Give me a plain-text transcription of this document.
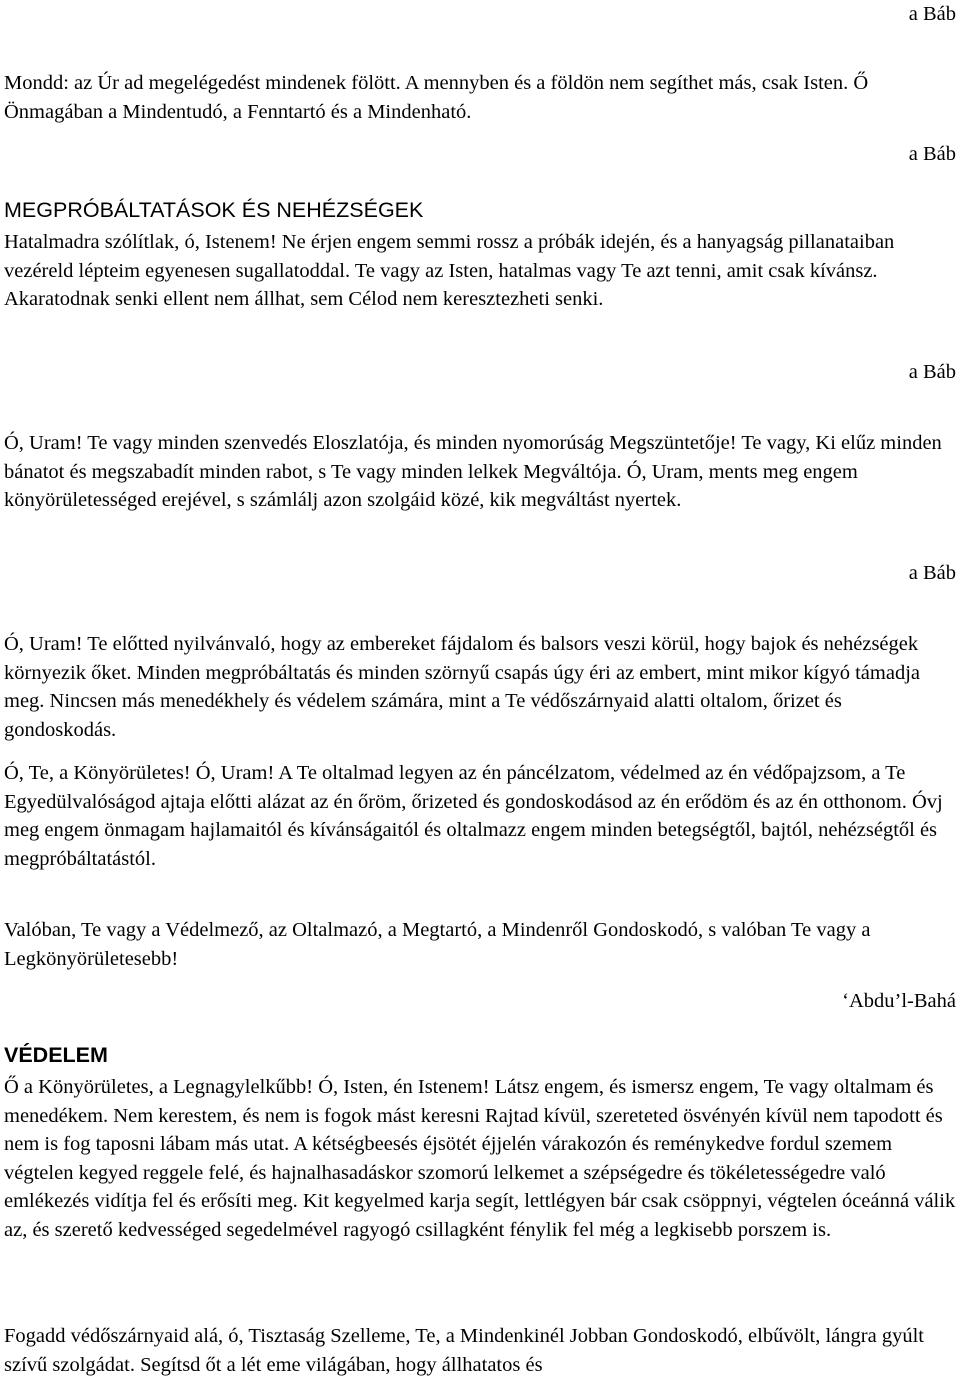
a Báb

Mondd: az Úr ad megelégedést mindenek fölött. A mennyben és a földön nem segíthet más, csak Isten. Ő Önmagában a Mindentudó, a Fenntartó és a Mindenható.

a Báb

MEGPRÓBÁLTATÁSOK ÉS NEHÉZSÉGEK

Hatalmadra szólítlak, ó, Istenem! Ne érjen engem semmi rossz a próbák idején, és a hanyagság pillanataiban vezéreld lépteim egyenesen sugallatoddal. Te vagy az Isten, hatalmas vagy Te azt tenni, amit csak kívánsz. Akaratodnak senki ellent nem állhat, sem Célod nem keresztezheti senki.

a Báb

Ó, Uram! Te vagy minden szenvedés Eloszlatója, és minden nyomorúság Megszüntetője! Te vagy, Ki elűz minden bánatot és megszabadít minden rabot, s Te vagy minden lelkek Megváltója. Ó, Uram, ments meg engem könyörületességed erejével, s számlálj azon szolgáid közé, kik megváltást nyertek.

a Báb

Ó, Uram! Te előtted nyilvánvaló, hogy az embereket fájdalom és balsors veszi körül, hogy bajok és nehézségek környezik őket. Minden megpróbáltatás és minden szörnyű csapás úgy éri az embert, mint mikor kígyó támadja meg. Nincsen más menedékhely és védelem számára, mint a Te védőszárnyaid alatti oltalom, őrizet és gondoskodás.

Ó, Te, a Könyörületes! Ó, Uram! A Te oltalmad legyen az én páncélzatom, védelmed az én védőpajzsom, a Te Egyedülvalóságod ajtaja előtti alázat az én őröm, őrizeted és gondoskodásod az én erődöm és az én otthonom. Óvj meg engem önmagam hajlamaitól és kívánságaitól és oltalmazz engem minden betegségtől, bajtól, nehézségtől és megpróbáltatástól.

Valóban, Te vagy a Védelmező, az Oltalmazó, a Megtartó, a Mindenről Gondoskodó, s valóban Te vagy a Legkönyörületesebb!

‘Abdu’l-Bahá

VÉDELEM

Ő a Könyörületes, a Legnagylelkűbb! Ó, Isten, én Istenem! Látsz engem, és ismersz engem, Te vagy oltalmam és menedékem. Nem kerestem, és nem is fogok mást keresni Rajtad kívül, szereteted ösvényén kívül nem tapodott és nem is fog taposni lábam más utat. A kétségbeesés éjsötét éjjelén várakozón és reménykedve fordul szemem végtelen kegyed reggele felé, és hajnalhasadáskor szomorú lelkemet a szépségedre és tökéletességedre való emlékezés vidítja fel és erősíti meg. Kit kegyelmed karja segít, lettlégyen bár csak csöppnyi, végtelen óceánná válik az, és szerető kedvességed segedelmével ragyogó csillagként fénylik fel még a legkisebb porszem is.

Fogadd védőszárnyaid alá, ó, Tisztaság Szelleme, Te, a Mindenkinél Jobban Gondoskodó, elbűvölt, lángra gyúlt szívű szolgádat. Segítsd őt a lét eme világában, hogy állhatatos és
